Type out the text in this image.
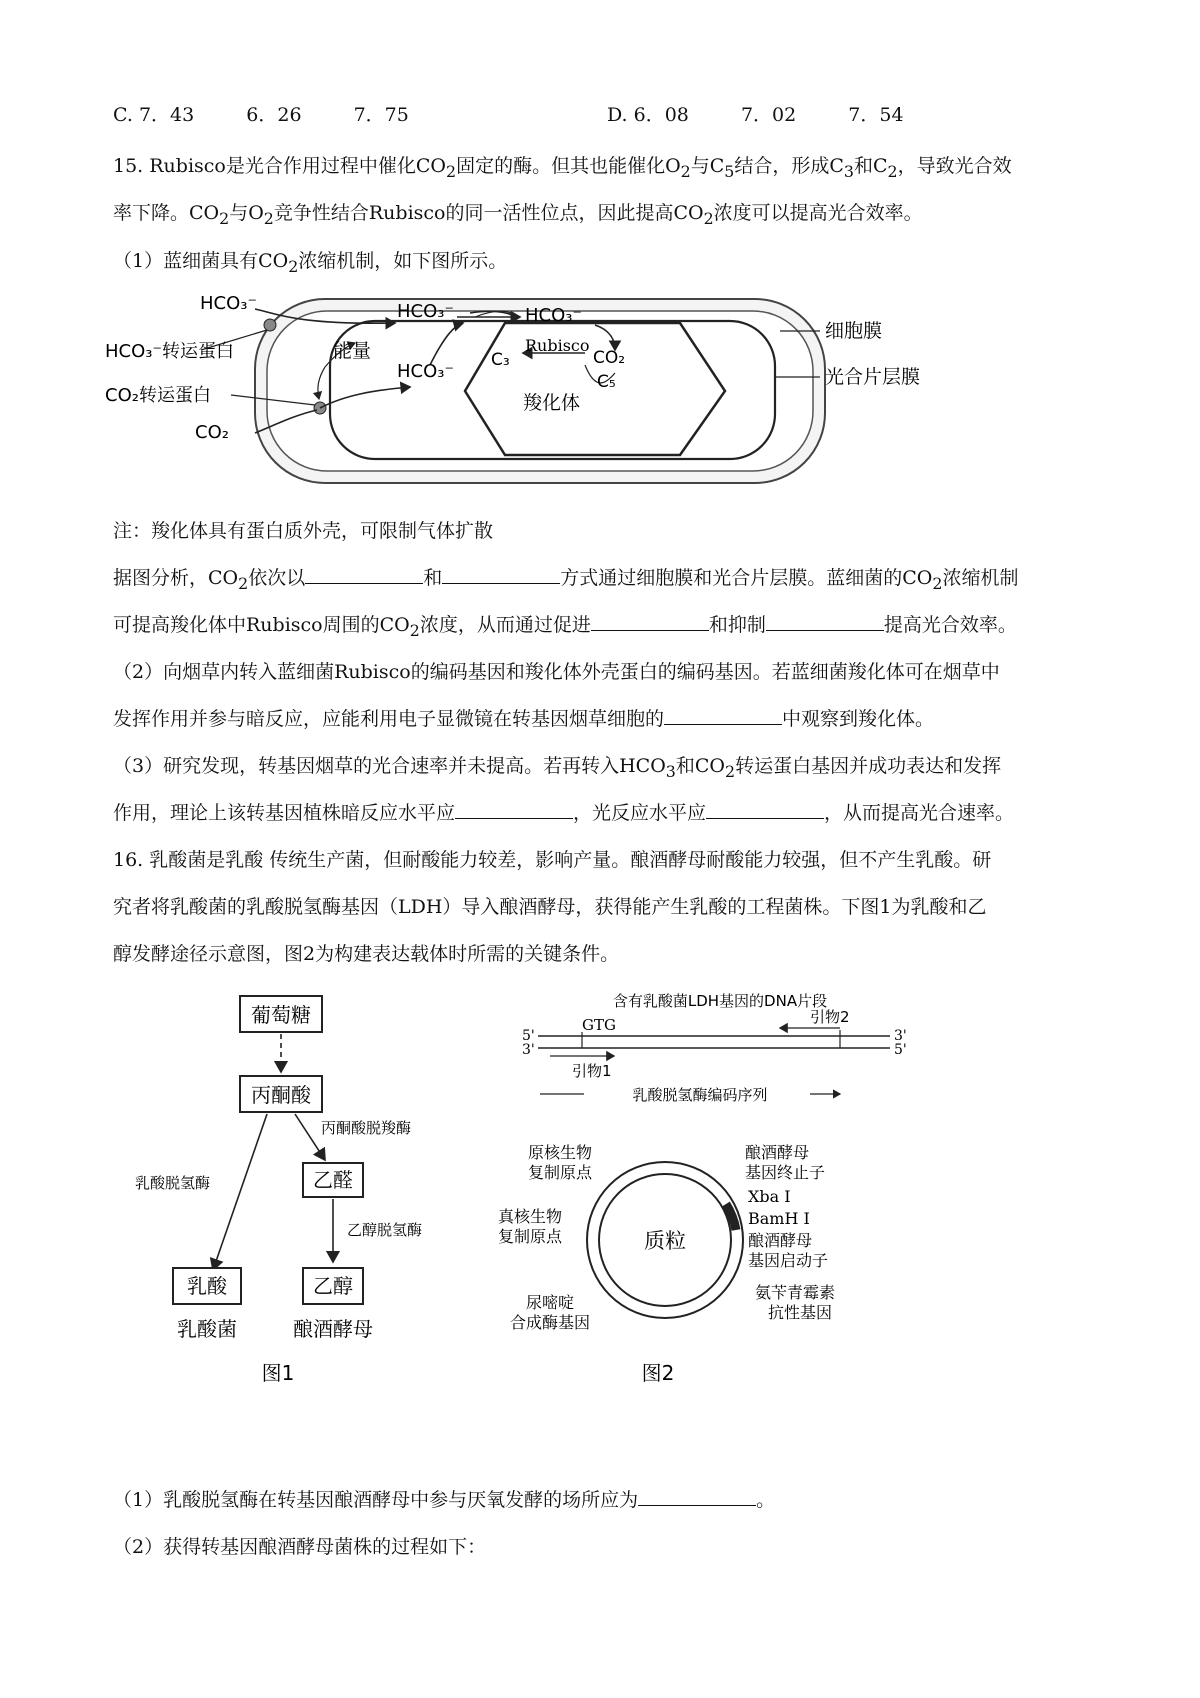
C. 7．43	6．26	7．75	D. 6．08	7．02	7．54
15. Rubisco是光合作用过程中催化$CO_2$固定的酶。但其也能催化$O_2$与$C_5$结合，形成$C_3$和$C_2$，导致光合效
率下降。$CO_2$与$O_2$竞争性结合Rubisco的同一活性位点，因此提高$CO_2$浓度可以提高光合效率。
（1）蓝细菌具有$CO_2$浓缩机制，如下图所示。
HCO₃⁻	HCO₃⁻	HCO₃⁻
HCO₃⁻转运蛋白	能量
HCO₃⁻
CO₂转运蛋白
CO₂
C₃
Rubisco
CO₂
C₅
羧化体
细胞膜
光合片层膜
注：羧化体具有蛋白质外壳，可限制气体扩散
据图分析，$CO_2$依次以	和	方式通过细胞膜和光合片层膜。蓝细菌的$CO_2$浓缩机制
可提高羧化体中Rubisco周围的$CO_2$浓度，从而通过促进	和抑制	提高光合效率。
（2）向烟草内转入蓝细菌Rubisco的编码基因和羧化体外壳蛋白的编码基因。若蓝细菌羧化体可在烟草中
发挥作用并参与暗反应，应能利用电子显微镜在转基因烟草细胞的	中观察到羧化体。
（3）研究发现，转基因烟草的光合速率并未提高。若再转入$HCO_3$和$CO_2$转运蛋白基因并成功表达和发挥
作用，理论上该转基因植株暗反应水平应	，光反应水平应	，从而提高光合速率。
16. 乳酸菌是乳酸 传统生产菌，但耐酸能力较差，影响产量。酿酒酵母耐酸能力较强，但不产生乳酸。研
究者将乳酸菌的乳酸脱氢酶基因（LDH）导入酿酒酵母，获得能产生乳酸的工程菌株。下图1为乳酸和乙
醇发酵途径示意图，图2为构建表达载体时所需的关键条件。
葡萄糖
丙酮酸
丙酮酸脱羧酶
乳酸脱氢酶	乙醛
乙醇脱氢酶
乳酸	乙醇
乳酸菌	酿酒酵母
图1
含有乳酸菌LDH基因的DNA片段
5'
3'
3'
5'
GTG	引物2
引物1
乳酸脱氢酶编码序列
质粒
原核生物
复制原点
真核生物
复制原点
尿嘧啶
合成酶基因
酿酒酵母
基因终止子
Xba I
BamH I
酿酒酵母
基因启动子
氨苄青霉素
抗性基因
图2
（1）乳酸脱氢酶在转基因酿酒酵母中参与厌氧发酵的场所应为	。
（2）获得转基因酿酒酵母菌株的过程如下：
